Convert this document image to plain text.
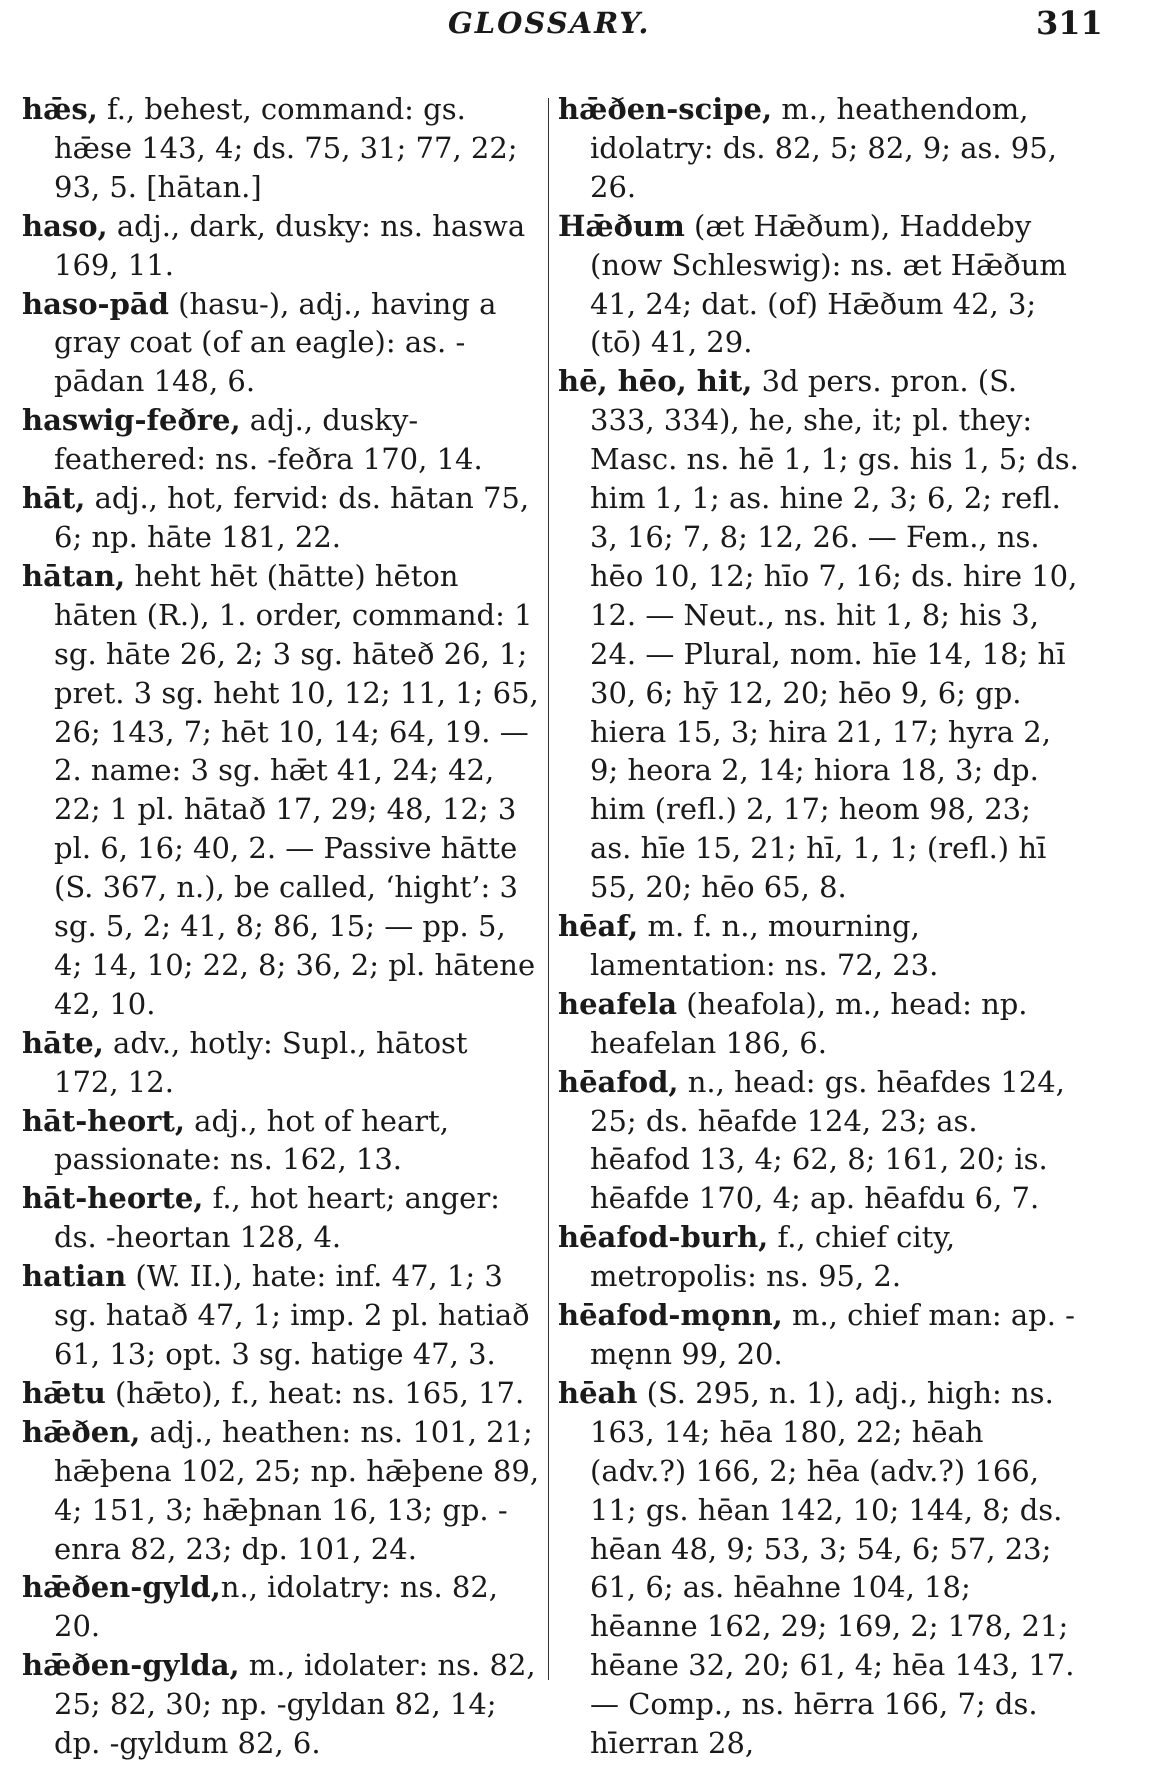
GLOSSARY.	311

hǣs, f., behest, command: gs. hǣse 143, 4; ds. 75, 31; 77, 22; 93, 5. [hātan.]

haso, adj., dark, dusky: ns. haswa 169, 11.

haso-pād (hasu-), adj., having a gray coat (of an eagle): as. -pādan 148, 6.

haswig-feðre, adj., dusky-feathered: ns. -feðra 170, 14.

hāt, adj., hot, fervid: ds. hātan 75, 6; np. hāte 181, 22.

hātan, heht hēt (hātte) hēton hāten (R.), 1. order, command: 1 sg. hāte 26, 2; 3 sg. hāteð 26, 1; pret. 3 sg. heht 10, 12; 11, 1; 65, 26; 143, 7; hēt 10, 14; 64, 19. — 2. name: 3 sg. hǣt 41, 24; 42, 22; 1 pl. hātað 17, 29; 48, 12; 3 pl. 6, 16; 40, 2. — Passive hātte (S. 367, n.), be called, ‘hight’: 3 sg. 5, 2; 41, 8; 86, 15; — pp. 5, 4; 14, 10; 22, 8; 36, 2; pl. hātene 42, 10.

hāte, adv., hotly: Supl., hātost 172, 12.

hāt-heort, adj., hot of heart, passionate: ns. 162, 13.

hāt-heorte, f., hot heart; anger: ds. -heortan 128, 4.

hatian (W. II.), hate: inf. 47, 1; 3 sg. hatað 47, 1; imp. 2 pl. hatiað 61, 13; opt. 3 sg. hatige 47, 3.

hǣtu (hǣto), f., heat: ns. 165, 17.

hǣðen, adj., heathen: ns. 101, 21; hǣþena 102, 25; np. hǣþene 89, 4; 151, 3; hǣþnan 16, 13; gp. -enra 82, 23; dp. 101, 24.

hǣðen-gyld,n., idolatry: ns. 82, 20.

hǣðen-gylda, m., idolater: ns. 82, 25; 82, 30; np. -gyldan 82, 14; dp. -gyldum 82, 6.

hǣðen-scipe, m., heathendom, idolatry: ds. 82, 5; 82, 9; as. 95, 26.

Hǣðum (æt Hǣðum), Haddeby (now Schleswig): ns. æt Hǣðum 41, 24; dat. (of) Hǣðum 42, 3; (tō) 41, 29.

hē, hēo, hit, 3d pers. pron. (S. 333, 334), he, she, it; pl. they: Masc. ns. hē 1, 1; gs. his 1, 5; ds. him 1, 1; as. hine 2, 3; 6, 2; refl. 3, 16; 7, 8; 12, 26. — Fem., ns. hēo 10, 12; hīo 7, 16; ds. hire 10, 12. — Neut., ns. hit 1, 8; his 3, 24. — Plural, nom. hīe 14, 18; hī 30, 6; hȳ 12, 20; hēo 9, 6; gp. hiera 15, 3; hira 21, 17; hyra 2, 9; heora 2, 14; hiora 18, 3; dp. him (refl.) 2, 17; heom 98, 23; as. hīe 15, 21; hī, 1, 1; (refl.) hī 55, 20; hēo 65, 8.

hēaf, m. f. n., mourning, lamentation: ns. 72, 23.

heafela (heafola), m., head: np. heafelan 186, 6.

hēafod, n., head: gs. hēafdes 124, 25; ds. hēafde 124, 23; as. hēafod 13, 4; 62, 8; 161, 20; is. hēafde 170, 4; ap. hēafdu 6, 7.

hēafod-burh, f., chief city, metropolis: ns. 95, 2.

hēafod-mǫnn, m., chief man: ap. -męnn 99, 20.

hēah (S. 295, n. 1), adj., high: ns. 163, 14; hēa 180, 22; hēah (adv.?) 166, 2; hēa (adv.?) 166, 11; gs. hēan 142, 10; 144, 8; ds. hēan 48, 9; 53, 3; 54, 6; 57, 23; 61, 6; as. hēahne 104, 18; hēanne 162, 29; 169, 2; 178, 21; hēane 32, 20; 61, 4; hēa 143, 17. — Comp., ns. hērra 166, 7; ds. hīerran 28,
